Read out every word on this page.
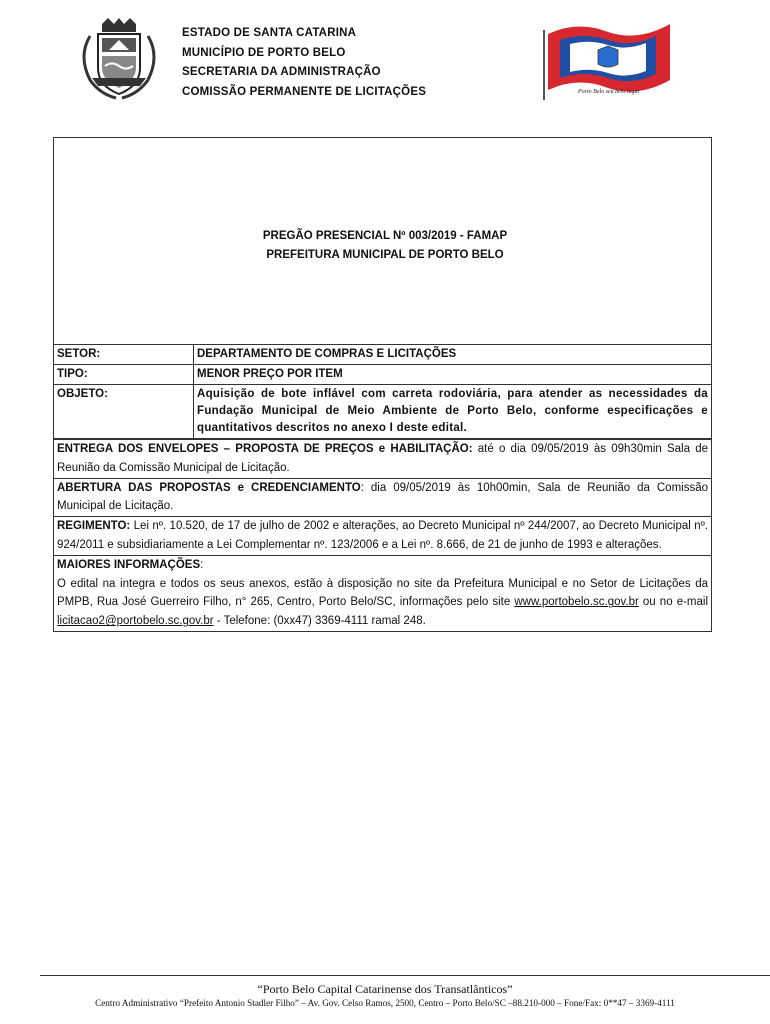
ESTADO DE SANTA CATARINA
MUNICÍPIO DE PORTO BELO
SECRETARIA DA ADMINISTRAÇÃO
COMISSÃO PERMANENTE DE LICITAÇÕES	Porto Belo seu belo lugar
PREGÃO PRESENCIAL Nº 003/2019 - FAMAP
PREFEITURA MUNICIPAL DE PORTO BELO
SETOR:	DEPARTAMENTO DE COMPRAS E LICITAÇÕES
TIPO:	MENOR PREÇO POR ITEM
OBJETO:	Aquisição de bote inflável com carreta rodoviária, para atender as necessidades da Fundação Municipal de Meio Ambiente de Porto Belo, conforme especificações e quantitativos descritos no anexo I deste edital.
ENTREGA DOS ENVELOPES – PROPOSTA DE PREÇOS e HABILITAÇÃO: até o dia 09/05/2019 às 09h30min Sala de Reunião da Comissão Municipal de Licitação.
ABERTURA DAS PROPOSTAS e CREDENCIAMENTO: dia 09/05/2019 às 10h00min, Sala de Reunião da Comissão Municipal de Licitação.
REGIMENTO: Lei nº. 10.520, de 17 de julho de 2002 e alterações, ao Decreto Municipal nº 244/2007, ao Decreto Municipal nº. 924/2011 e subsidiariamente a Lei Complementar nº. 123/2006 e a Lei nº. 8.666, de 21 de junho de 1993 e alterações.
MAIORES INFORMAÇÕES:
O edital na integra e todos os seus anexos, estão à disposição no site da Prefeitura Municipal e no Setor de Licitações da PMPB, Rua José Guerreiro Filho, n° 265, Centro, Porto Belo/SC, informações pelo site www.portobelo.sc.gov.br ou no e-mail licitacao2@portobelo.sc.gov.br - Telefone: (0xx47) 3369-4111 ramal 248.
“Porto Belo Capital Catarinense dos Transatlânticos”
Centro Administrativo “Prefeito Antonio Stadler Filho” – Av. Gov. Celso Ramos, 2500, Centro – Porto Belo/SC –88.210-000 – Fone/Fax: 0**47 – 3369-4111
